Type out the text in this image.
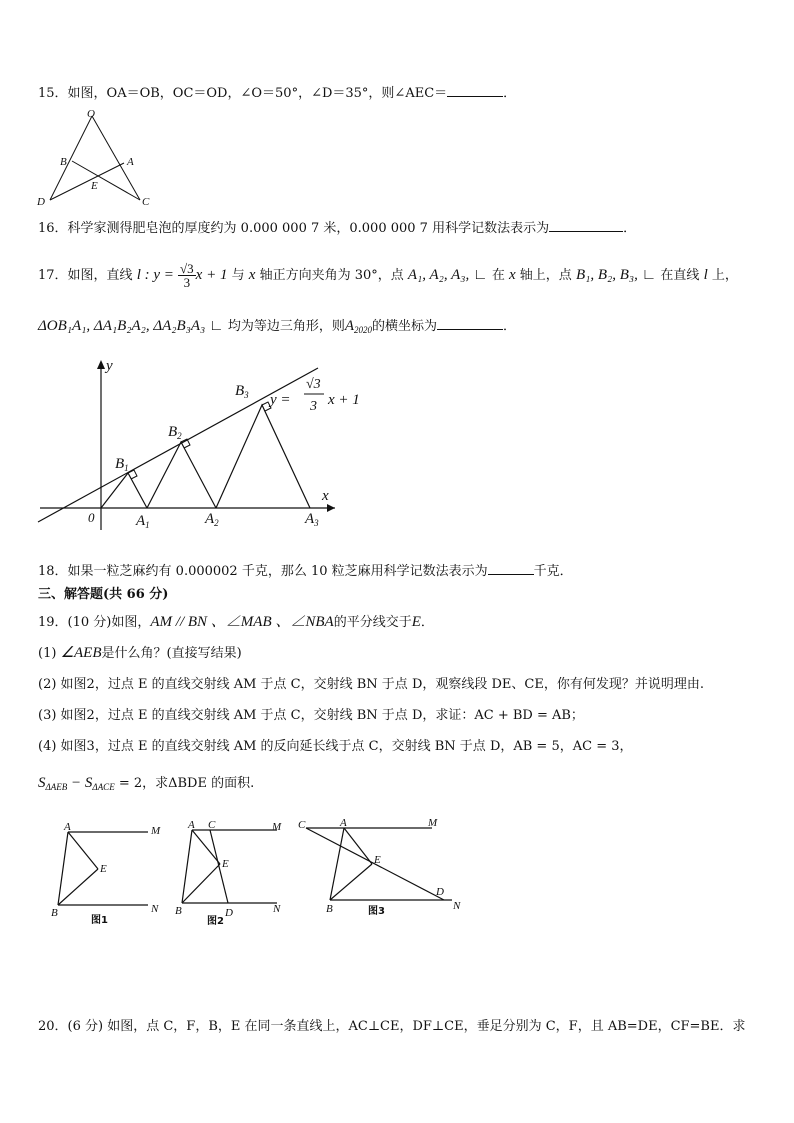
15．如图，OA＝OB，OC＝OD，∠O＝50°，∠D＝35°，则∠AEC＝	．
O
B	A
E
D	C
16．科学家测得肥皂泡的厚度约为 0.000 000 7 米，0.000 000 7 用科学记数法表示为	．
17．如图，直线 l : $y = \frac{√3}{3}$ x + 1 与 x 轴正方向夹角为 30°，点 A₁, A₂, A₃, ∟ 在 x 轴上，点 B₁, B₂, B₃, ∟ 在直线 l 上，
ΔOB₁A₁, ΔA₁B₂A₂, ΔA₂B₃A₃ ∟ 均为等边三角形，则$A_{2020}$的横坐标为	．
y
x
0
$B_1$
$B_2$
$B_3$
$A_1$	$A_2$	$A_3$
y =
√3
3 x + 1
18．如果一粒芝麻约有 0.000002 千克，那么 10 粒芝麻用科学记数法表示为	千克．
三、解答题(共 66 分)
19．(10 分)如图，AM // BN 、∠MAB 、∠NBA的平分线交于E．
(1) ∠AEB是什么角？(直接写结果)
(2) 如图2，过点 E 的直线交射线 AM 于点 C，交射线 BN 于点 D，观察线段 DE、CE，你有何发现？并说明理由.
(3) 如图2，过点 E 的直线交射线 AM 于点 C，交射线 BN 于点 D，求证：AC + BD = AB；
(4) 如图3，过点 E 的直线交射线 AM 的反向延长线于点 C，交射线 BN 于点 D，AB = 5，AC = 3，
$S_{\Delta AEB} - S_{\Delta ACE} = 2$，求ΔBDE 的面积.
A	M
E
B	N
图1
A C	M
E
B	D	N
图2
C	A	M
E
D
B	N
图3
20．(6 分) 如图，点 C，F，B，E 在同一条直线上，AC⊥CE，DF⊥CE，垂足分别为 C，F，且 AB=DE，CF=BE．求
